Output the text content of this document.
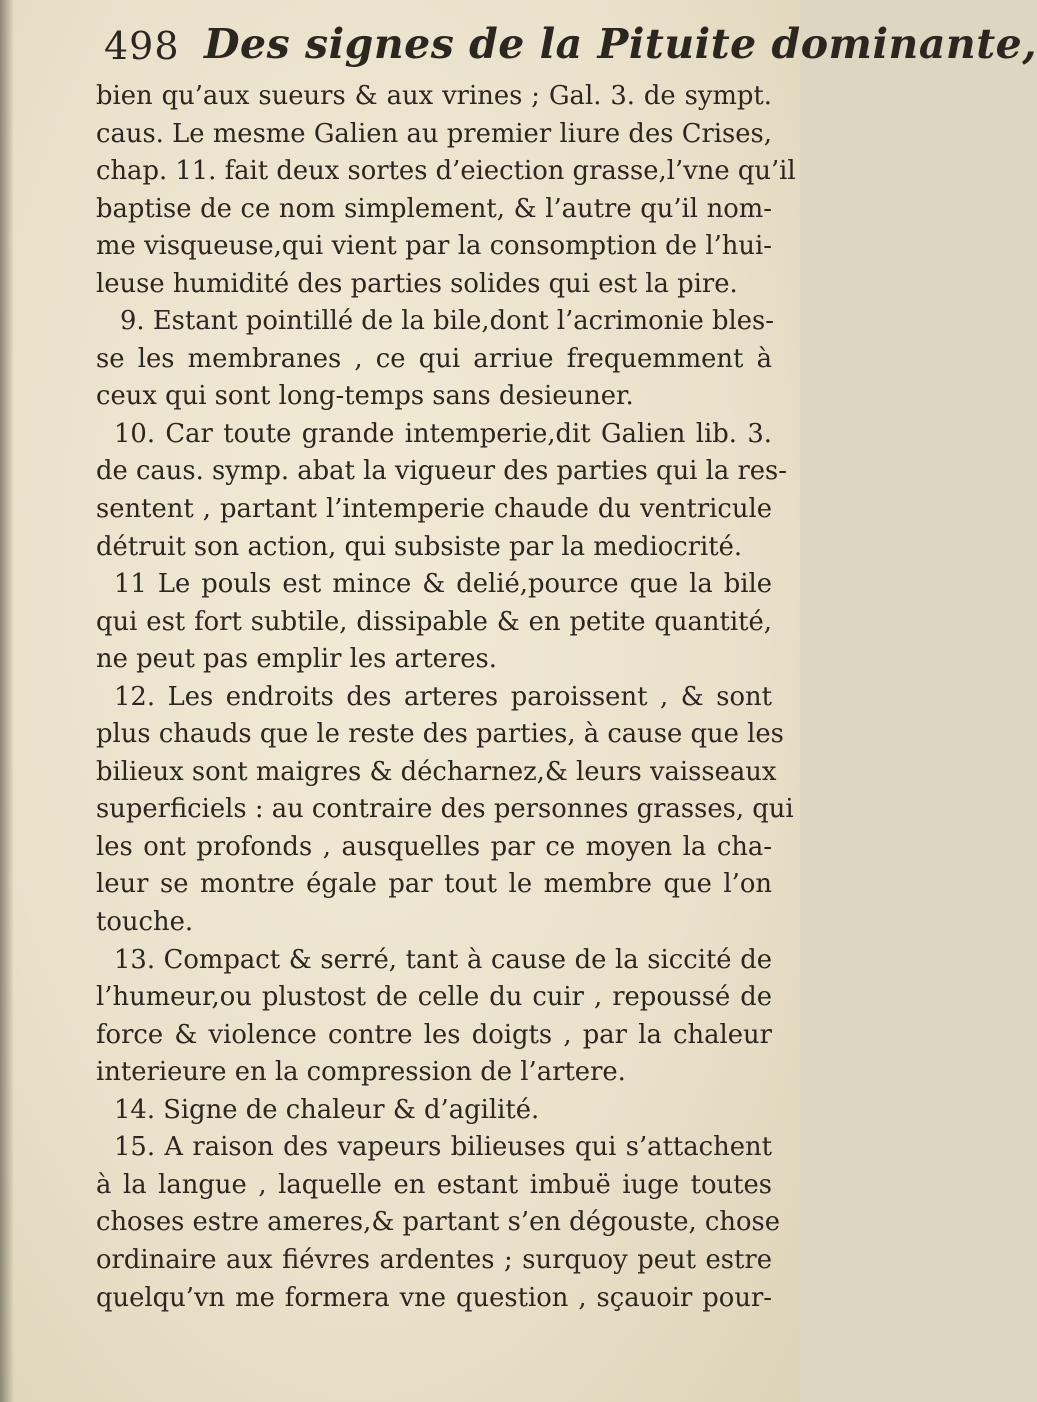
498 Des signes de la Pituite dominante,
bien qu’aux sueurs & aux vrines ; Gal. 3. de sympt.
caus. Le mesme Galien au premier liure des Crises,
chap. 11. fait deux sortes d’eiection grasse,l’vne qu’il
baptise de ce nom simplement, & l’autre qu’il nom-
me visqueuse,qui vient par la consomption de l’hui-
leuse humidité des parties solides qui est la pire.
9. Estant pointillé de la bile,dont l’acrimonie bles-
se les membranes , ce qui arriue frequemment à
ceux qui sont long-temps sans desieuner.
10. Car toute grande intemperie,dit Galien lib. 3.
de caus. symp. abat la vigueur des parties qui la res-
sentent , partant l’intemperie chaude du ventricule
détruit son action, qui subsiste par la mediocrité.
11 Le pouls est mince & delié,pource que la bile
qui est fort subtile, dissipable & en petite quantité,
ne peut pas emplir les arteres.
12. Les endroits des arteres paroissent , & sont
plus chauds que le reste des parties, à cause que les
bilieux sont maigres & décharnez,& leurs vaisseaux
superficiels : au contraire des personnes grasses, qui
les ont profonds , ausquelles par ce moyen la cha-
leur se montre égale par tout le membre que l’on
touche.
13. Compact & serré, tant à cause de la siccité de
l’humeur,ou plustost de celle du cuir , repoussé de
force & violence contre les doigts , par la chaleur
interieure en la compression de l’artere.
14. Signe de chaleur & d’agilité.
15. A raison des vapeurs bilieuses qui s’attachent
à la langue , laquelle en estant imbuë iuge toutes
choses estre ameres,& partant s’en dégouste, chose
ordinaire aux fiévres ardentes ; surquoy peut estre
quelqu’vn me formera vne question , sçauoir pour-
